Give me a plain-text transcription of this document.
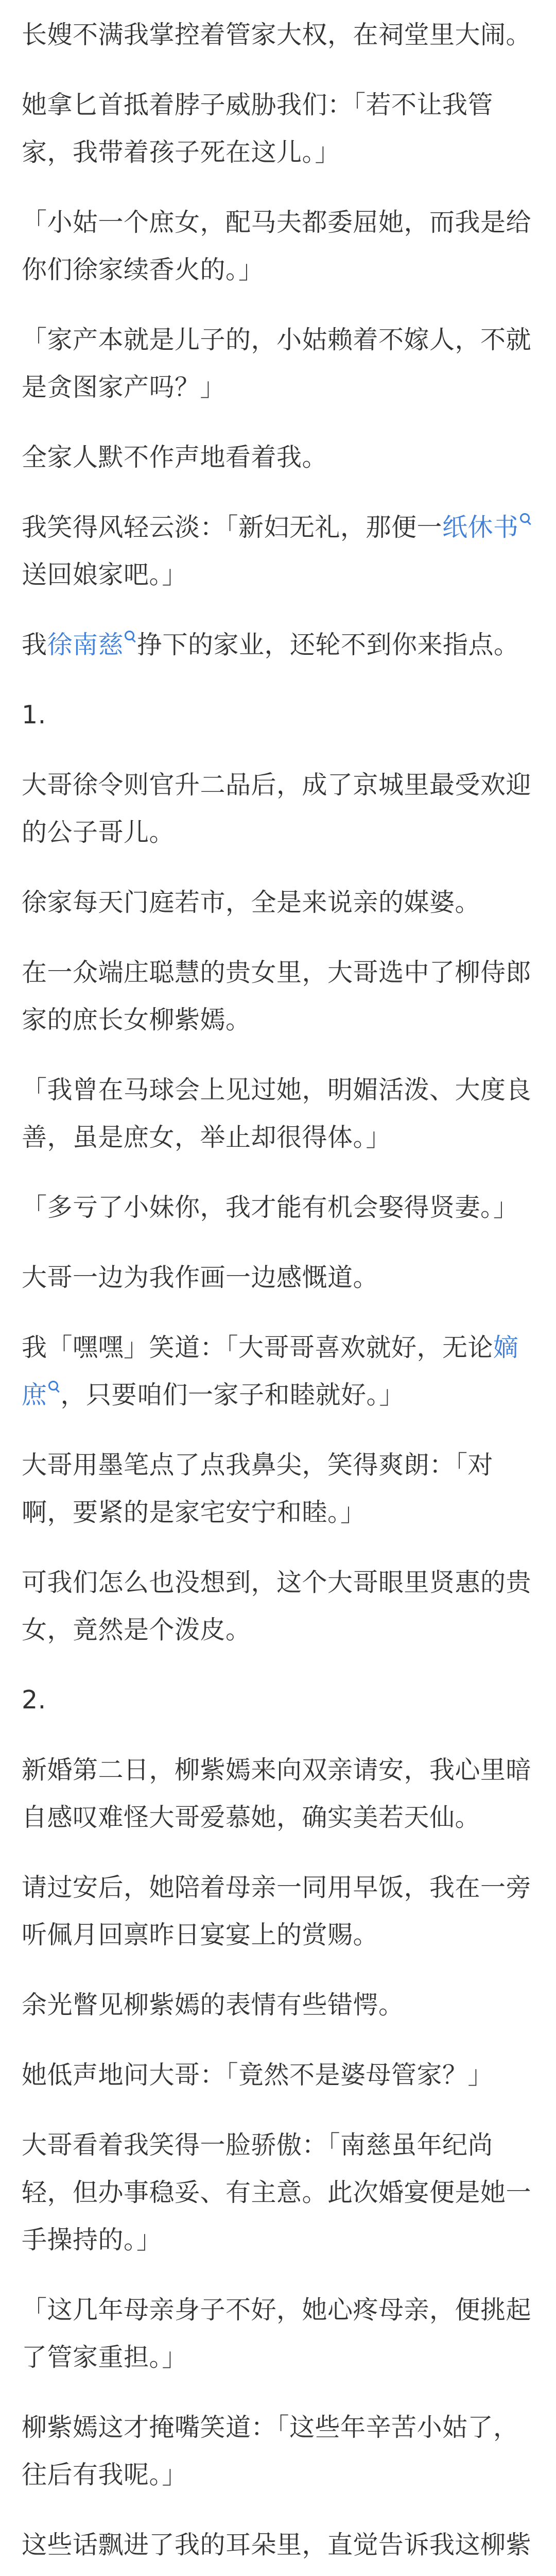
长嫂不满我掌控着管家大权，在祠堂里大闹。

她拿匕首抵着脖子威胁我们：「若不让我管家，我带着孩子死在这儿。」

「小姑一个庶女，配马夫都委屈她，而我是给你们徐家续香火的。」

「家产本就是儿子的，小姑赖着不嫁人，不就是贪图家产吗？」

全家人默不作声地看着我。

我笑得风轻云淡：「新妇无礼，那便一纸休书送回娘家吧。」

我徐南慈 挣下的家业，还轮不到你来指点。

1.

大哥徐令则官升二品后，成了京城里最受欢迎的公子哥儿。

徐家每天门庭若市，全是来说亲的媒婆。

在一众端庄聪慧的贵女里，大哥选中了柳侍郎家的庶长女柳紫嫣。

「我曾在马球会上见过她，明媚活泼、大度良善，虽是庶女，举止却很得体。」

「多亏了小妹你，我才能有机会娶得贤妻。」

大哥一边为我作画一边感慨道。

我「嘿嘿」笑道：「大哥哥喜欢就好，无论嫡庶 ，只要咱们一家子和睦就好。」

大哥用墨笔点了点我鼻尖，笑得爽朗：「对啊，要紧的是家宅安宁和睦。」

可我们怎么也没想到，这个大哥眼里贤惠的贵女，竟然是个泼皮。

2.

新婚第二日，柳紫嫣来向双亲请安，我心里暗自感叹难怪大哥爱慕她，确实美若天仙。

请过安后，她陪着母亲一同用早饭，我在一旁听佩月回禀昨日宴宴上的赏赐。

余光瞥见柳紫嫣的表情有些错愕。

她低声地问大哥：「竟然不是婆母管家？」

大哥看着我笑得一脸骄傲：「南慈虽年纪尚轻，但办事稳妥、有主意。此次婚宴便是她一手操持的。」

「这几年母亲身子不好，她心疼母亲，便挑起了管家重担。」

柳紫嫣这才掩嘴笑道：「这些年辛苦小姑了，往后有我呢。」

这些话飘进了我的耳朵里，直觉告诉我这柳紫
